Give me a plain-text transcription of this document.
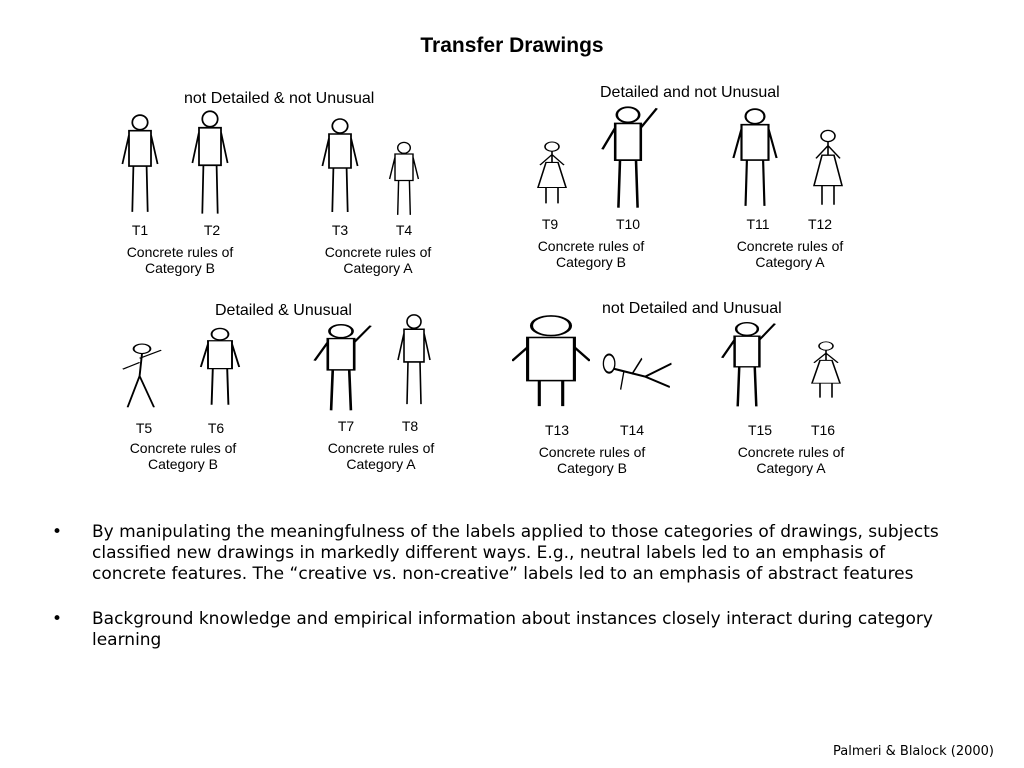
Transfer Drawings
not Detailed & not Unusual	Detailed and not Unusual
Detailed & Unusual	not Detailed and Unusual
T1	T2	T3	T4	T9	T10	T11	T12
T5	T6	T7	T8	T13	T14	T15	T16
Concrete rules of
Category B
Concrete rules of
Category A
Concrete rules of
Category B
Concrete rules of
Category A
Concrete rules of
Category B
Concrete rules of
Category A
Concrete rules of
Category B
Concrete rules of
Category A
• By manipulating the meaningfulness of the labels applied to those categories of drawings, subjects classified new drawings in markedly different ways. E.g., neutral labels led to an emphasis of concrete features. The “creative vs. non-creative” labels led to an emphasis of abstract features
• Background knowledge and empirical information about instances closely interact during category learning
Palmeri & Blalock (2000)
